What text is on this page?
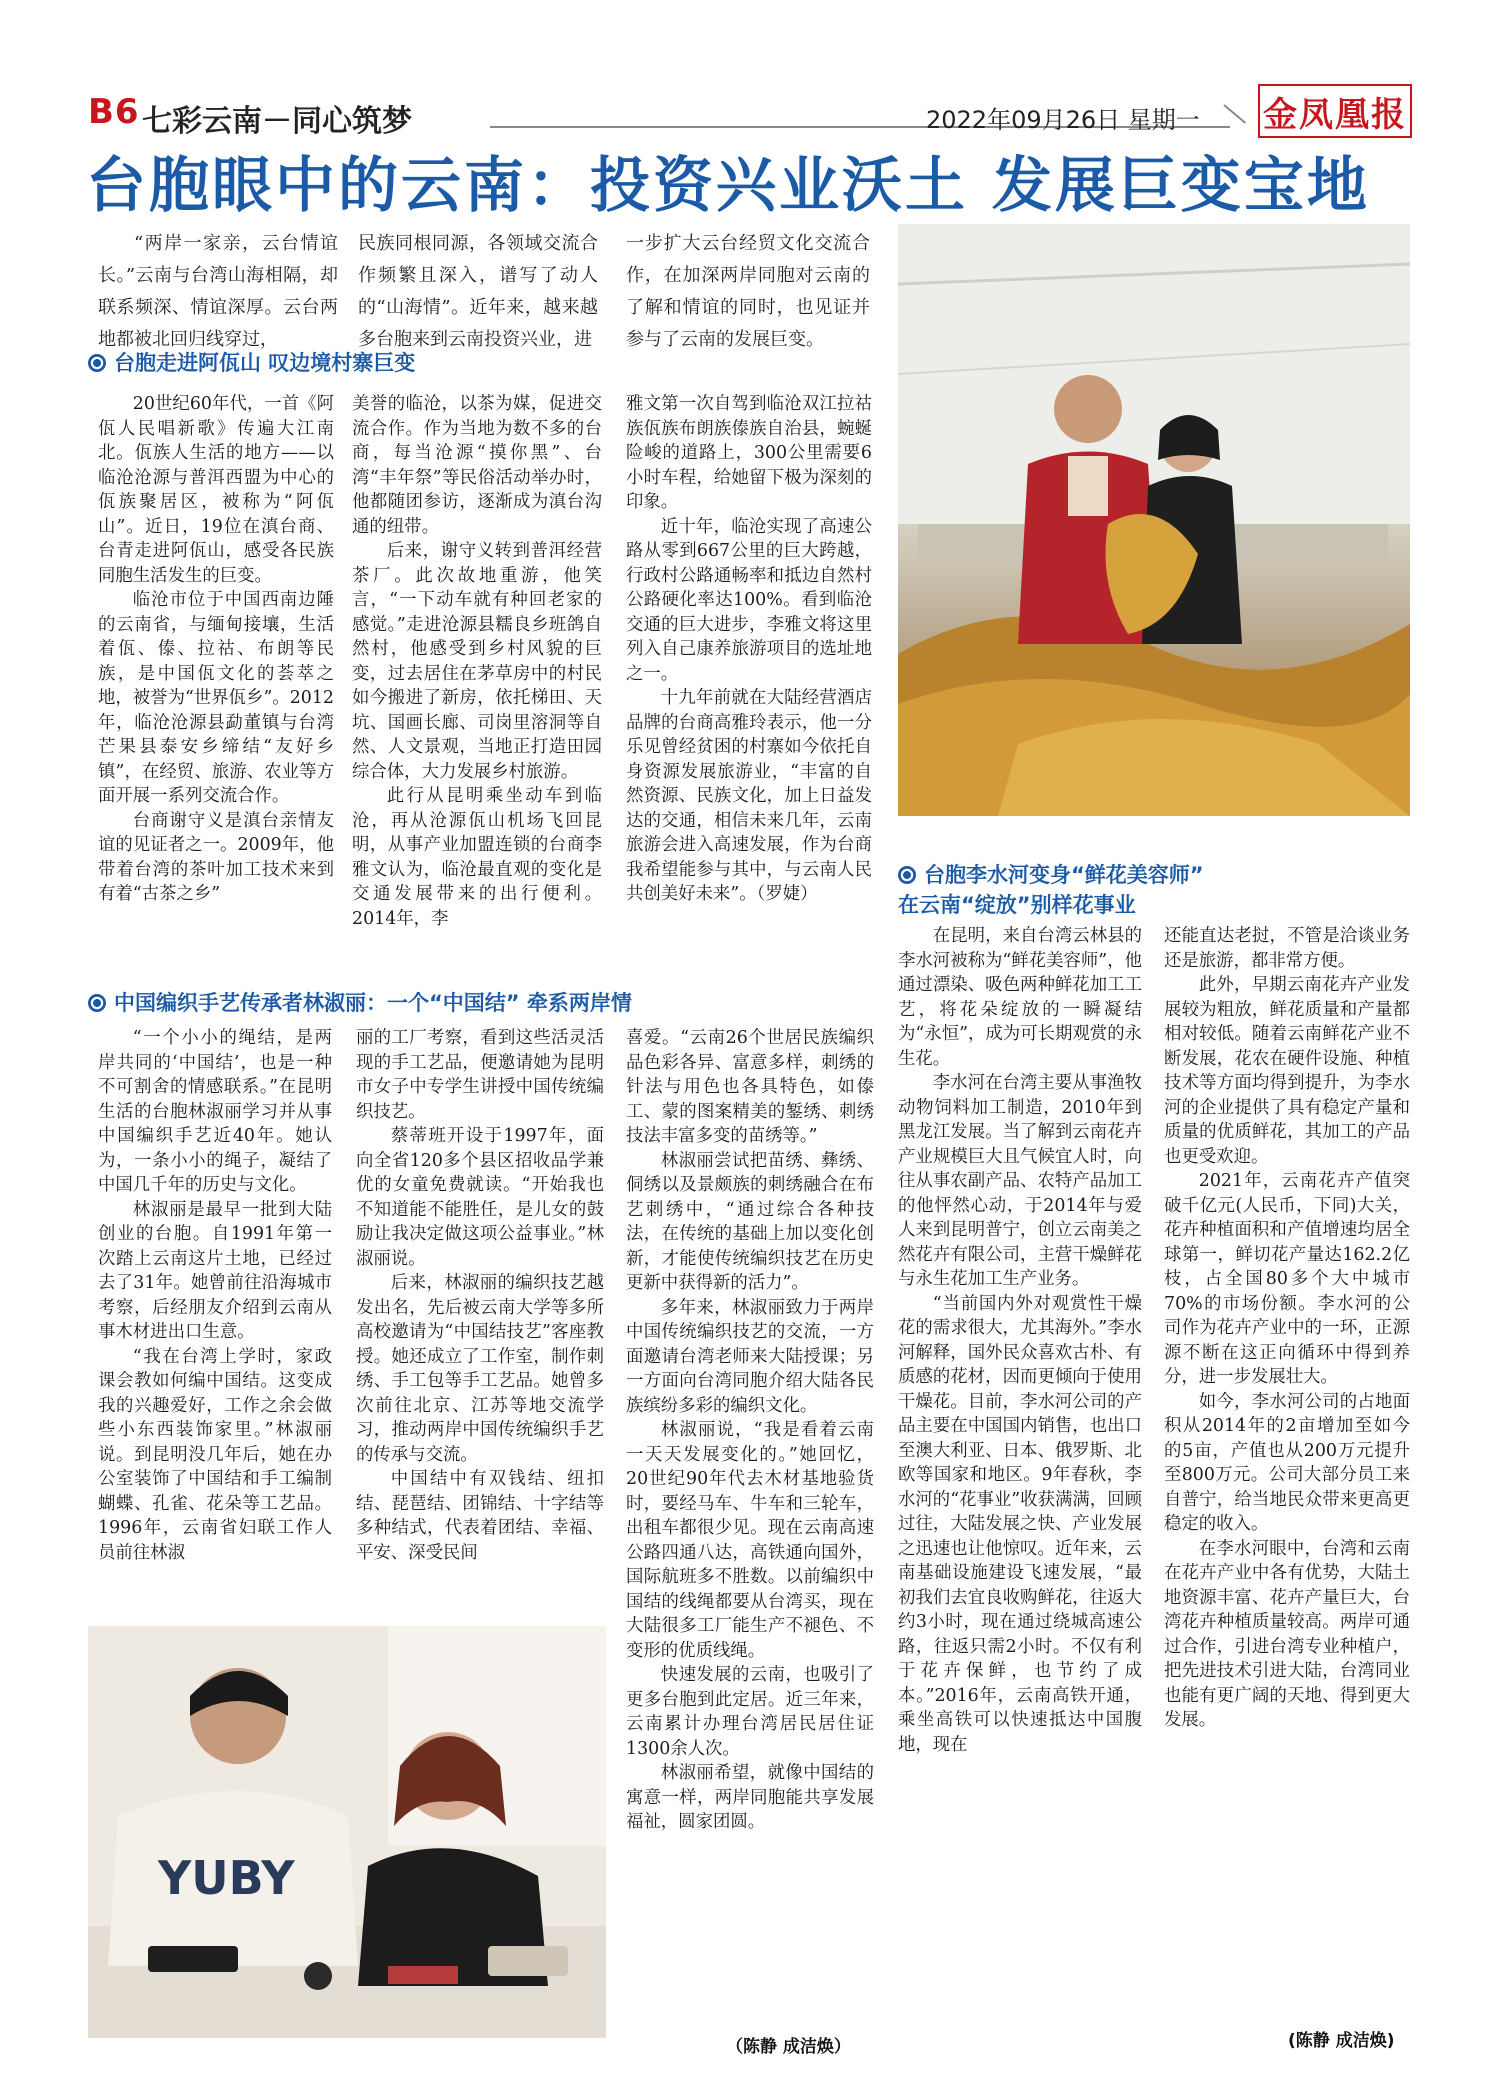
B6 七彩云南－同心筑梦	2022年09月26日 星期一 金凤凰报
台胞眼中的云南：投资兴业沃土 发展巨变宝地
“两岸一家亲，云台情谊长。”云南与台湾山海相隔，却联系频深、情谊深厚。云台两地都被北回归线穿过，
民族同根同源，各领域交流合作频繁且深入，谱写了动人的“山海情”。近年来，越来越多台胞来到云南投资兴业，进
一步扩大云台经贸文化交流合作，在加深两岸同胞对云南的了解和情谊的同时，也见证并参与了云南的发展巨变。
台胞走进阿佤山 叹边境村寨巨变

20世纪60年代，一首《阿佤人民唱新歌》传遍大江南北。佤族人生活的地方——以临沧沧源与普洱西盟为中心的佤族聚居区，被称为“阿佤山”。近日，19位在滇台商、台青走进阿佤山，感受各民族同胞生活发生的巨变。

临沧市位于中国西南边陲的云南省，与缅甸接壤，生活着佤、傣、拉祜、布朗等民族，是中国佤文化的荟萃之地，被誉为“世界佤乡”。2012年，临沧沧源县勐董镇与台湾芒果县泰安乡缔结“友好乡镇”，在经贸、旅游、农业等方面开展一系列交流合作。

台商谢守义是滇台亲情友谊的见证者之一。2009年，他带着台湾的茶叶加工技术来到有着“古茶之乡”

美誉的临沧，以茶为媒，促进交流合作。作为当地为数不多的台商，每当沧源“摸你黑”、台湾“丰年祭”等民俗活动举办时，他都随团参访，逐渐成为滇台沟通的纽带。

后来，谢守义转到普洱经营茶厂。此次故地重游，他笑言，“一下动车就有种回老家的感觉。”走进沧源县糯良乡班鸽自然村，他感受到乡村风貌的巨变，过去居住在茅草房中的村民如今搬进了新房，依托梯田、天坑、国画长廊、司岗里溶洞等自然、人文景观，当地正打造田园综合体，大力发展乡村旅游。

此行从昆明乘坐动车到临沧，再从沧源佤山机场飞回昆明，从事产业加盟连锁的台商李雅文认为，临沧最直观的变化是交通发展带来的出行便利。2014年，李

雅文第一次自驾到临沧双江拉祜族佤族布朗族傣族自治县，蜿蜒险峻的道路上，300公里需要6小时车程，给她留下极为深刻的印象。

近十年，临沧实现了高速公路从零到667公里的巨大跨越，行政村公路通畅率和抵边自然村公路硬化率达100%。看到临沧交通的巨大进步，李雅文将这里列入自己康养旅游项目的选址地之一。

十九年前就在大陆经营酒店品牌的台商高雅玲表示，他一分乐见曾经贫困的村寨如今依托自身资源发展旅游业，“丰富的自然资源、民族文化，加上日益发达的交通，相信未来几年，云南旅游会进入高速发展，作为台商我希望能参与其中，与云南人民共创美好未来”。（罗婕）

台胞李水河变身“鲜花美容师”
在云南“绽放”别样花事业
中国编织手艺传承者林淑丽：一个“中国结” 牵系两岸情

“一个小小的绳结，是两岸共同的‘中国结’，也是一种不可割舍的情感联系。”在昆明生活的台胞林淑丽学习并从事中国编织手艺近40年。她认为，一条小小的绳子，凝结了中国几千年的历史与文化。

林淑丽是最早一批到大陆创业的台胞。自1991年第一次踏上云南这片土地，已经过去了31年。她曾前往沿海城市考察，后经朋友介绍到云南从事木材进出口生意。

“我在台湾上学时，家政课会教如何编中国结。这变成我的兴趣爱好，工作之余会做些小东西装饰家里。”林淑丽说。到昆明没几年后，她在办公室装饰了中国结和手工编制蝴蝶、孔雀、花朵等工艺品。1996年，云南省妇联工作人员前往林淑

丽的工厂考察，看到这些活灵活现的手工艺品，便邀请她为昆明市女子中专学生讲授中国传统编织技艺。

蔡蒂班开设于1997年，面向全省120多个县区招收品学兼优的女童免费就读。“开始我也不知道能不能胜任，是儿女的鼓励让我决定做这项公益事业。”林淑丽说。

后来，林淑丽的编织技艺越发出名，先后被云南大学等多所高校邀请为“中国结技艺”客座教授。她还成立了工作室，制作刺绣、手工包等手工艺品。她曾多次前往北京、江苏等地交流学习，推动两岸中国传统编织手艺的传承与交流。

中国结中有双钱结、纽扣结、琵琶结、团锦结、十字结等多种结式，代表着团结、幸福、平安、深受民间

喜爱。“云南26个世居民族编织品色彩各异、富意多样，刺绣的针法与用色也各具特色，如傣工、蒙的图案精美的錾绣、刺绣技法丰富多变的苗绣等。”

林淑丽尝试把苗绣、彝绣、侗绣以及景颇族的刺绣融合在布艺刺绣中，“通过综合各种技法，在传统的基础上加以变化创新，才能使传统编织技艺在历史更新中获得新的活力”。

多年来，林淑丽致力于两岸中国传统编织技艺的交流，一方面邀请台湾老师来大陆授课；另一方面向台湾同胞介绍大陆各民族缤纷多彩的编织文化。

林淑丽说，“我是看着云南一天天发展变化的。”她回忆，20世纪90年代去木材基地验货时，要经马车、牛车和三轮车，出租车都很少见。现在云南高速公路四通八达，高铁通向国外，国际航班多不胜数。以前编织中国结的线绳都要从台湾买，现在大陆很多工厂能生产不褪色、不变形的优质线绳。

快速发展的云南，也吸引了更多台胞到此定居。近三年来，云南累计办理台湾居民居住证1300余人次。

林淑丽希望，就像中国结的寓意一样，两岸同胞能共享发展福祉，圆家团圆。

（陈静 成洁焕）
YUBY

在昆明，来自台湾云林县的李水河被称为“鲜花美容师”，他通过漂染、吸色两种鲜花加工工艺，将花朵绽放的一瞬凝结为“永恒”，成为可长期观赏的永生花。

李水河在台湾主要从事渔牧动物饲料加工制造，2010年到黑龙江发展。当了解到云南花卉产业规模巨大且气候宜人时，向往从事农副产品、农特产品加工的他怦然心动，于2014年与爱人来到昆明普宁，创立云南美之然花卉有限公司，主营干燥鲜花与永生花加工生产业务。

“当前国内外对观赏性干燥花的需求很大，尤其海外。”李水河解释，国外民众喜欢古朴、有质感的花材，因而更倾向于使用干燥花。目前，李水河公司的产品主要在中国国内销售，也出口至澳大利亚、日本、俄罗斯、北欧等国家和地区。9年春秋，李水河的“花事业”收获满满，回顾过往，大陆发展之快、产业发展之迅速也让他惊叹。近年来，云南基础设施建设飞速发展，“最初我们去宜良收购鲜花，往返大约3小时，现在通过绕城高速公路，往返只需2小时。不仅有利于花卉保鲜，也节约了成本。”2016年，云南高铁开通，乘坐高铁可以快速抵达中国腹地，现在

还能直达老挝，不管是洽谈业务还是旅游，都非常方便。

此外，早期云南花卉产业发展较为粗放，鲜花质量和产量都相对较低。随着云南鲜花产业不断发展，花农在硬件设施、种植技术等方面均得到提升，为李水河的企业提供了具有稳定产量和质量的优质鲜花，其加工的产品也更受欢迎。

2021年，云南花卉产值突破千亿元(人民币，下同)大关，花卉种植面积和产值增速均居全球第一，鲜切花产量达162.2亿枝，占全国80多个大中城市70%的市场份额。李水河的公司作为花卉产业中的一环，正源源不断在这正向循环中得到养分，进一步发展壮大。

如今，李水河公司的占地面积从2014年的2亩增加至如今的5亩，产值也从200万元提升至800万元。公司大部分员工来自普宁，给当地民众带来更高更稳定的收入。

在李水河眼中，台湾和云南在花卉产业中各有优势，大陆土地资源丰富、花卉产量巨大，台湾花卉种植质量较高。两岸可通过合作，引进台湾专业种植户，把先进技术引进大陆，台湾同业也能有更广阔的天地、得到更大发展。

(陈静 成洁焕)
